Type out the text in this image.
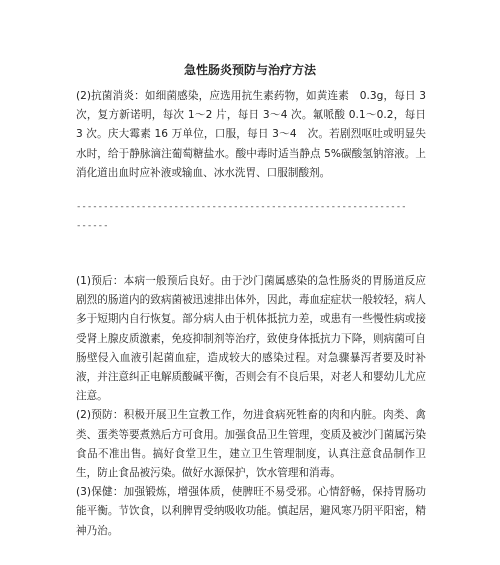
急性肠炎预防与治疗方法

(2)抗菌消炎：如细菌感染，应选用抗生素药物，如黄连素　0.3g，每日 3 次，复方新诺明，每次 1～2 片，每日 3～4 次。氟哌酸 0.1～0.2，每日 3 次。庆大霉素 16 万单位，口服，每日 3～4　次。若剧烈呕吐或明显失水时，给于静脉滴注葡萄糖盐水。酸中毒时适当静点 5%碳酸氢钠溶液。上消化道出血时应补液或输血、冰水洗胃、口服制酸剂。

-------------------------------------------------------------
------

(1)预后：本病一般预后良好。由于沙门菌属感染的急性肠炎的胃肠道反应剧烈的肠道内的致病菌被迅速排出体外，因此，毒血症症状一般较轻，病人多于短期内自行恢复。部分病人由于机体抵抗力差，或患有一些慢性病或接受肾上腺皮质激素，免疫抑制剂等治疗，致使身体抵抗力下降，则病菌可自肠壁侵入血液引起菌血症，造成较大的感染过程。对急骤暴泻者要及时补液，并注意纠正电解质酸碱平衡，否则会有不良后果，对老人和婴幼儿尤应注意。

(2)预防：积极开展卫生宣教工作，勿进食病死牲畜的肉和内脏。肉类、禽类、蛋类等要煮熟后方可食用。加强食品卫生管理，变质及被沙门菌属污染食品不准出售。搞好食堂卫生，建立卫生管理制度，认真注意食品制作卫生，防止食品被污染。做好水源保护，饮水管理和消毒。

(3)保健：加强锻炼，增强体质，使脾旺不易受邪。心情舒畅，保持胃肠功能平衡。节饮食，以利脾胃受纳吸收功能。慎起居，避风寒乃阴平阳密，精神乃治。
